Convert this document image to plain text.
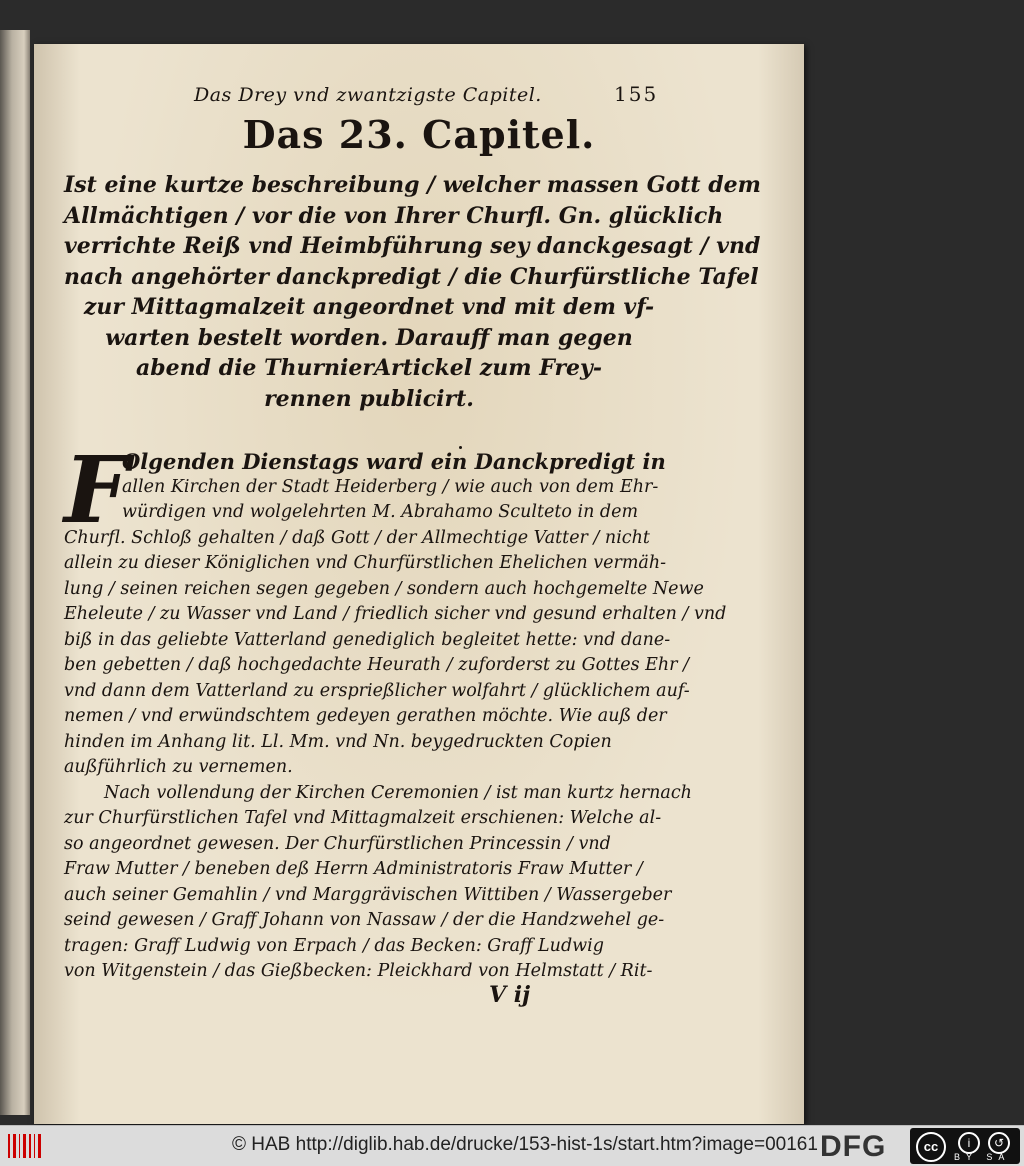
Das Drey vnd zwantzigste Capitel.	155
Das 23. Capitel.
Ist eine kurtze beschreibung / welcher massen Gott dem
Allmächtigen / vor die von Ihrer Churfl. Gn. glücklich
verrichte Reiß vnd Heimbführung sey danckgesagt / vnd
nach angehörter danckpredigt / die Churfürstliche Tafel
zur Mittagmalzeit angeordnet vnd mit dem vf-
warten bestelt worden. Darauff man gegen
abend die ThurnierArtickel zum Frey-
rennen publicirt.
F
Olgenden Dienstags ward ein Danckpredigt in
allen Kirchen der Stadt Heiderberg / wie auch von dem Ehr-
würdigen vnd wolgelehrten M. Abrahamo Sculteto in dem
Churfl. Schloß gehalten / daß Gott / der Allmechtige Vatter / nicht
allein zu dieser Königlichen vnd Churfürstlichen Ehelichen vermäh-
lung / seinen reichen segen gegeben / sondern auch hochgemelte Newe
Eheleute / zu Wasser vnd Land / friedlich sicher vnd gesund erhalten / vnd
biß in das geliebte Vatterland genediglich begleitet hette: vnd dane-
ben gebetten / daß hochgedachte Heurath / zuforderst zu Gottes Ehr /
vnd dann dem Vatterland zu ersprießlicher wolfahrt / glücklichem auf-
nemen / vnd erwündschtem gedeyen gerathen möchte. Wie auß der
hinden im Anhang lit. Ll. Mm. vnd Nn. beygedruckten Copien
außführlich zu vernemen.
Nach vollendung der Kirchen Ceremonien / ist man kurtz hernach
zur Churfürstlichen Tafel vnd Mittagmalzeit erschienen: Welche al-
so angeordnet gewesen. Der Churfürstlichen Princessin / vnd
Fraw Mutter / beneben deß Herrn Administratoris Fraw Mutter /
auch seiner Gemahlin / vnd Marggrävischen Wittiben / Wassergeber
seind gewesen / Graff Johann von Nassaw / der die Handzwehel ge-
tragen: Graff Ludwig von Erpach / das Becken: Graff Ludwig
von Witgenstein / das Gießbecken: Pleickhard von Helmstatt / Rit-
V ij
© HAB http://diglib.hab.de/drucke/153-hist-1s/start.htm?image=00161 DFG	cc	i	↺
BY SA
